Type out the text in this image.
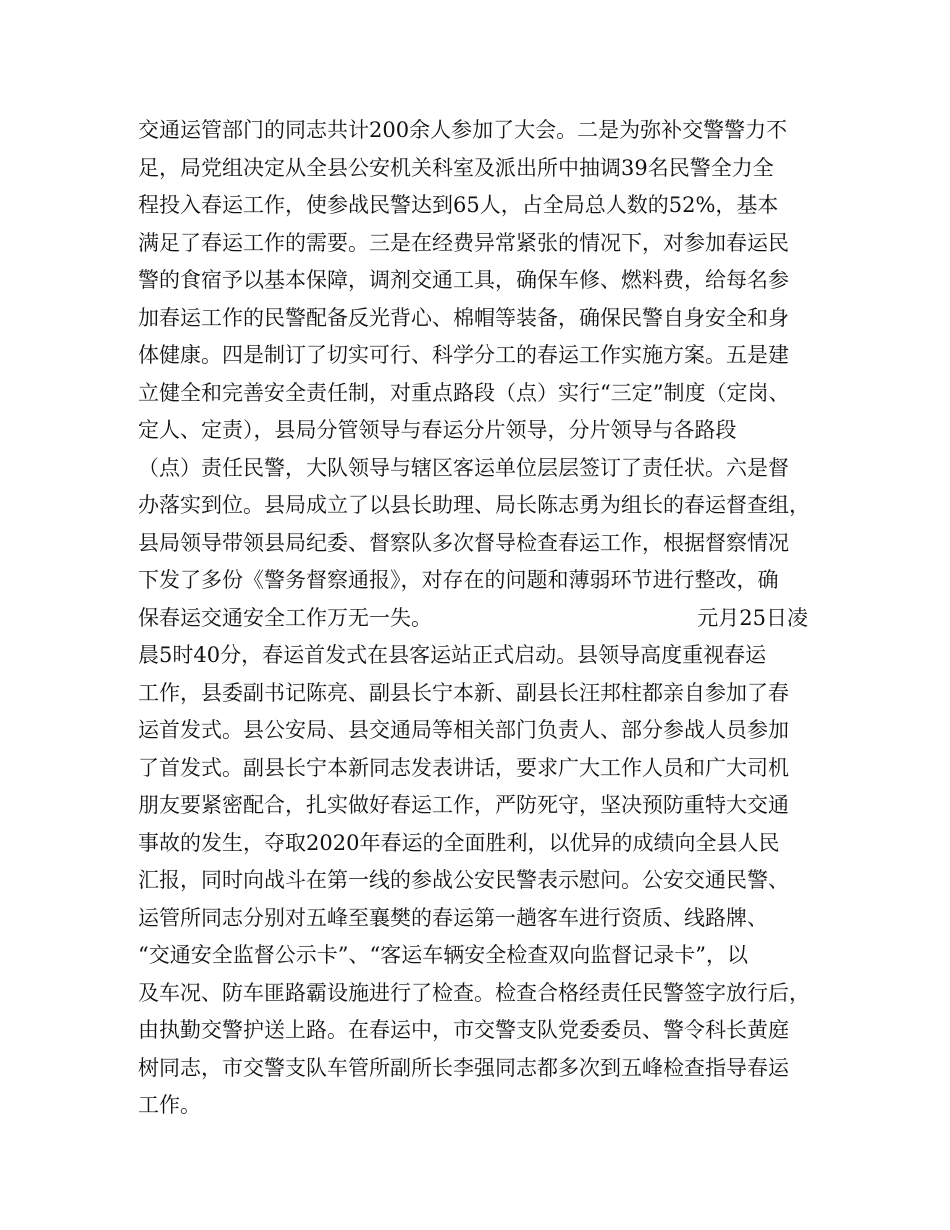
交通运管部门的同志共计200余人参加了大会。二是为弥补交警警力不
足，局党组决定从全县公安机关科室及派出所中抽调39名民警全力全
程投入春运工作，使参战民警达到65人，占全局总人数的52%，基本
满足了春运工作的需要。三是在经费异常紧张的情况下，对参加春运民
警的食宿予以基本保障，调剂交通工具，确保车修、燃料费，给每名参
加春运工作的民警配备反光背心、棉帽等装备，确保民警自身安全和身
体健康。四是制订了切实可行、科学分工的春运工作实施方案。五是建
立健全和完善安全责任制，对重点路段（点）实行“三定”制度（定岗、
定人、定责），县局分管领导与春运分片领导，分片领导与各路段
（点）责任民警，大队领导与辖区客运单位层层签订了责任状。六是督
办落实到位。县局成立了以县长助理、局长陈志勇为组长的春运督查组，
县局领导带领县局纪委、督察队多次督导检查春运工作，根据督察情况
下发了多份《警务督察通报》，对存在的问题和薄弱环节进行整改，确
保春运交通安全工作万无一失。	元月25日凌
晨5时40分，春运首发式在县客运站正式启动。县领导高度重视春运
工作，县委副书记陈亮、副县长宁本新、副县长汪邦柱都亲自参加了春
运首发式。县公安局、县交通局等相关部门负责人、部分参战人员参加
了首发式。副县长宁本新同志发表讲话，要求广大工作人员和广大司机
朋友要紧密配合，扎实做好春运工作，严防死守，坚决预防重特大交通
事故的发生，夺取2020年春运的全面胜利，以优异的成绩向全县人民
汇报，同时向战斗在第一线的参战公安民警表示慰问。公安交通民警、
运管所同志分别对五峰至襄樊的春运第一趟客车进行资质、线路牌、
“交通安全监督公示卡”、“客运车辆安全检查双向监督记录卡”，以
及车况、防车匪路霸设施进行了检查。检查合格经责任民警签字放行后，
由执勤交警护送上路。在春运中，市交警支队党委委员、警令科长黄庭
树同志，市交警支队车管所副所长李强同志都多次到五峰检查指导春运
工作。
